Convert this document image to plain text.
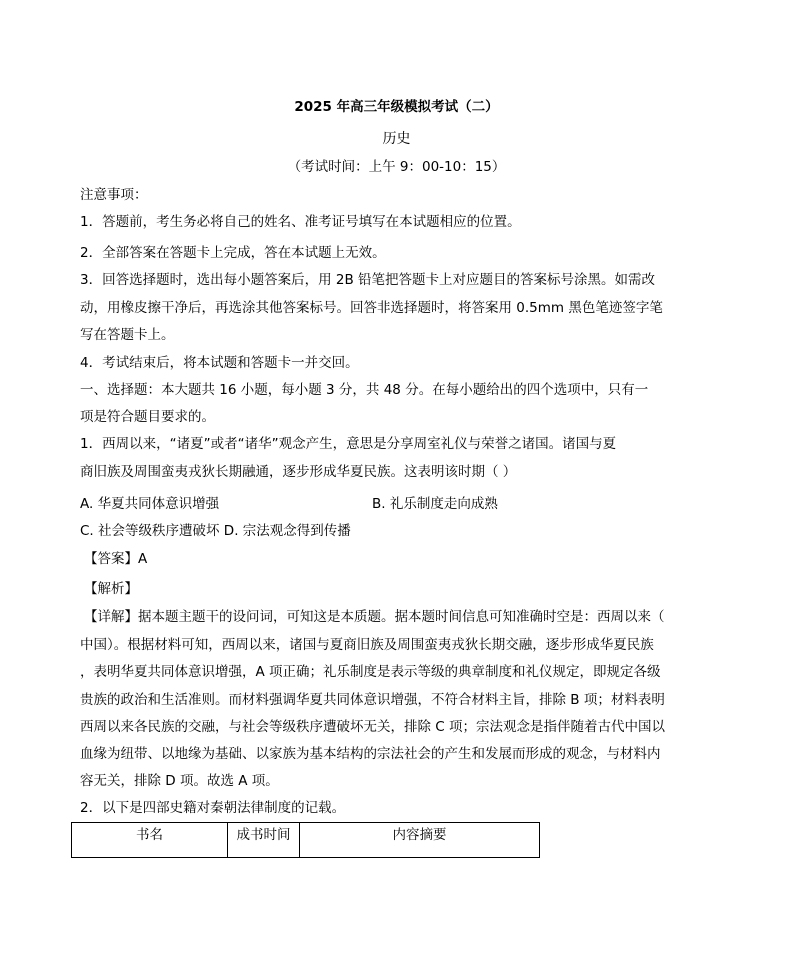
2025 年高三年级模拟考试（二）
历史
（考试时间：上午 9：00-10：15）
注意事项：
1．答题前，考生务必将自己的姓名、准考证号填写在本试题相应的位置。
2．全部答案在答题卡上完成，答在本试题上无效。
3．回答选择题时，选出每小题答案后，用 2B 铅笔把答题卡上对应题目的答案标号涂黑。如需改
动，用橡皮擦干净后，再选涂其他答案标号。回答非选择题时，将答案用 0.5mm 黑色笔迹签字笔
写在答题卡上。
4．考试结束后，将本试题和答题卡一并交回。
一、选择题：本大题共 16 小题，每小题 3 分，共 48 分。在每小题给出的四个选项中，只有一
项是符合题目要求的。
1．西周以来，“诸夏”或者“诸华”观念产生，意思是分享周室礼仪与荣誉之诸国。诸国与夏
商旧族及周围蛮夷戎狄长期融通，逐步形成华夏民族。这表明该时期（ ）
A. 华夏共同体意识增强	B. 礼乐制度走向成熟
C. 社会等级秩序遭破坏 D. 宗法观念得到传播
【答案】A
【解析】
【详解】据本题主题干的设问词，可知这是本质题。据本题时间信息可知准确时空是：西周以来（
中国）。根据材料可知，西周以来，诸国与夏商旧族及周围蛮夷戎狄长期交融，逐步形成华夏民族
，表明华夏共同体意识增强，A 项正确；礼乐制度是表示等级的典章制度和礼仪规定，即规定各级
贵族的政治和生活准则。而材料强调华夏共同体意识增强，不符合材料主旨，排除 B 项；材料表明
西周以来各民族的交融，与社会等级秩序遭破坏无关，排除 C 项；宗法观念是指伴随着古代中国以
血缘为纽带、以地缘为基础、以家族为基本结构的宗法社会的产生和发展而形成的观念，与材料内
容无关，排除 D 项。故选 A 项。
2．以下是四部史籍对秦朝法律制度的记载。
书名	成书时间	内容摘要
